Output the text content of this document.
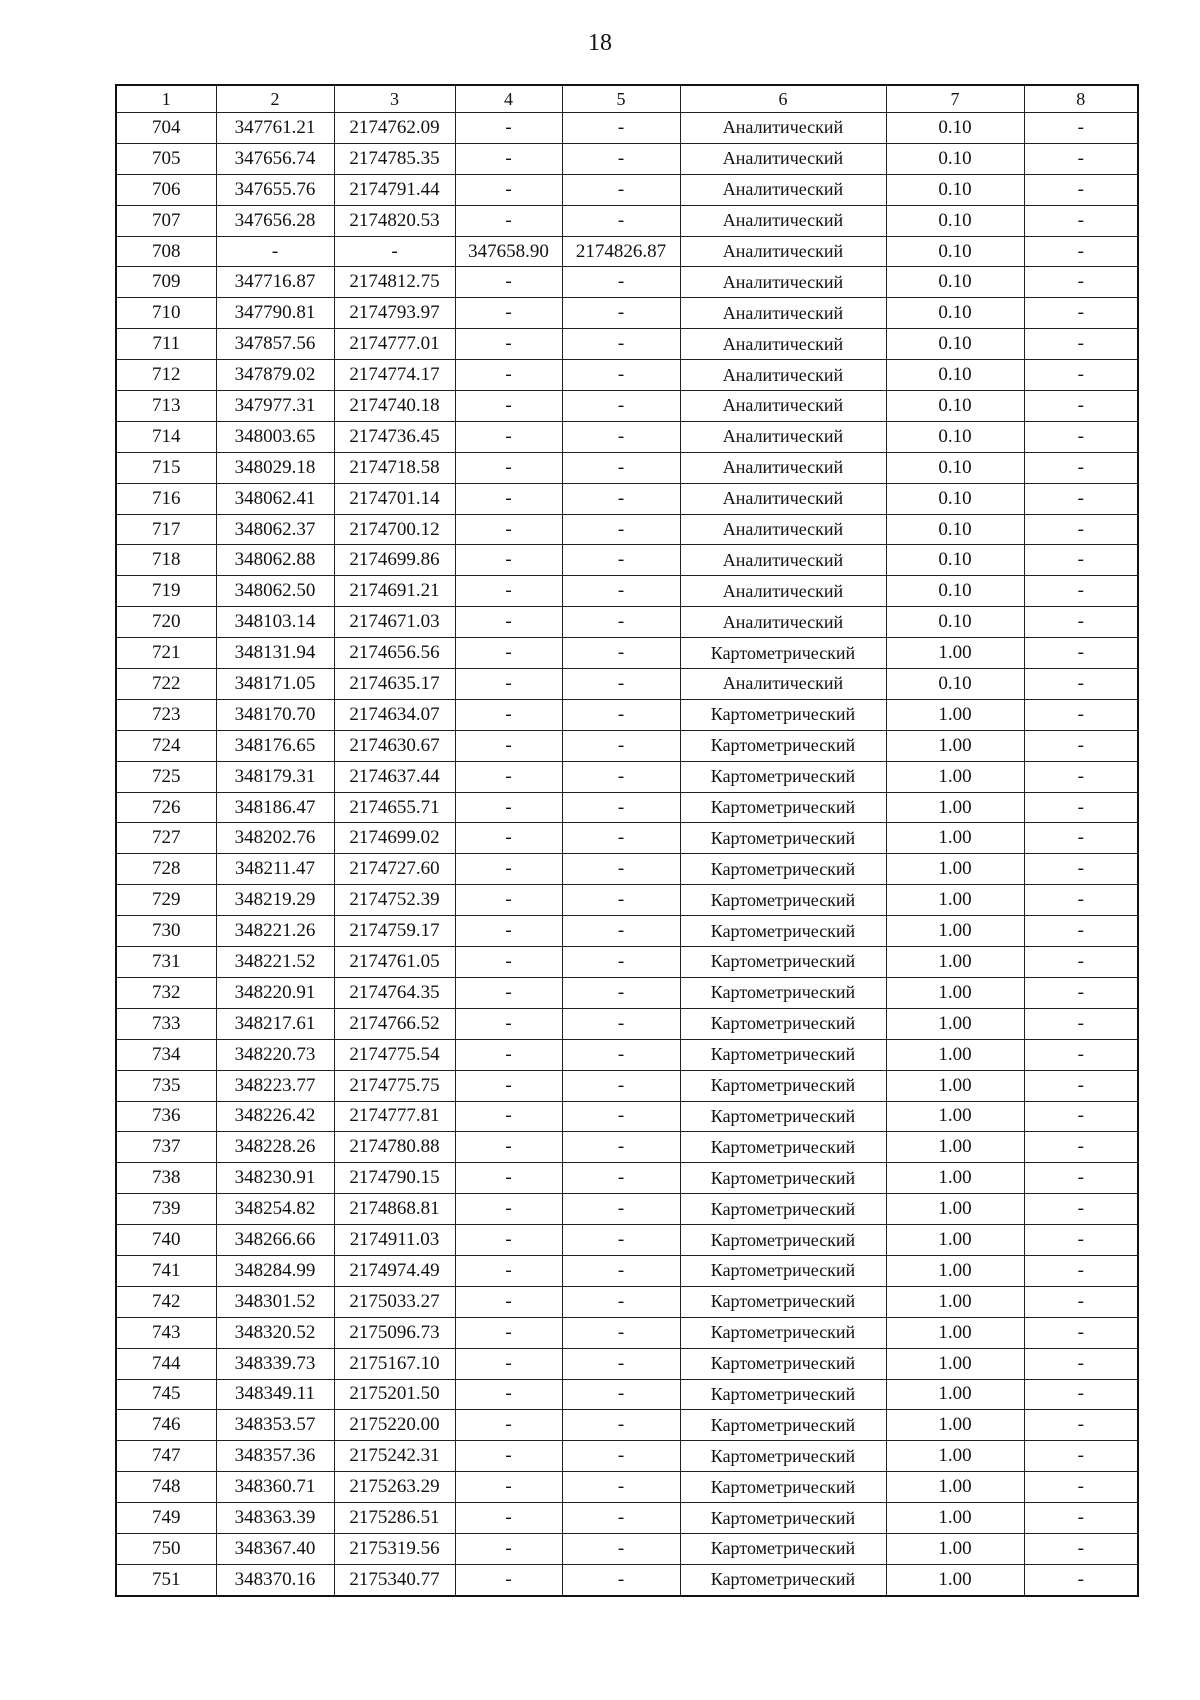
18
1	2	3	4	5	6	7	8
704	347761.21	2174762.09	-	-	Аналитический	0.10	-
705	347656.74	2174785.35	-	-	Аналитический	0.10	-
706	347655.76	2174791.44	-	-	Аналитический	0.10	-
707	347656.28	2174820.53	-	-	Аналитический	0.10	-
708	-	-	347658.90	2174826.87	Аналитический	0.10	-
709	347716.87	2174812.75	-	-	Аналитический	0.10	-
710	347790.81	2174793.97	-	-	Аналитический	0.10	-
711	347857.56	2174777.01	-	-	Аналитический	0.10	-
712	347879.02	2174774.17	-	-	Аналитический	0.10	-
713	347977.31	2174740.18	-	-	Аналитический	0.10	-
714	348003.65	2174736.45	-	-	Аналитический	0.10	-
715	348029.18	2174718.58	-	-	Аналитический	0.10	-
716	348062.41	2174701.14	-	-	Аналитический	0.10	-
717	348062.37	2174700.12	-	-	Аналитический	0.10	-
718	348062.88	2174699.86	-	-	Аналитический	0.10	-
719	348062.50	2174691.21	-	-	Аналитический	0.10	-
720	348103.14	2174671.03	-	-	Аналитический	0.10	-
721	348131.94	2174656.56	-	-	Картометрический	1.00	-
722	348171.05	2174635.17	-	-	Аналитический	0.10	-
723	348170.70	2174634.07	-	-	Картометрический	1.00	-
724	348176.65	2174630.67	-	-	Картометрический	1.00	-
725	348179.31	2174637.44	-	-	Картометрический	1.00	-
726	348186.47	2174655.71	-	-	Картометрический	1.00	-
727	348202.76	2174699.02	-	-	Картометрический	1.00	-
728	348211.47	2174727.60	-	-	Картометрический	1.00	-
729	348219.29	2174752.39	-	-	Картометрический	1.00	-
730	348221.26	2174759.17	-	-	Картометрический	1.00	-
731	348221.52	2174761.05	-	-	Картометрический	1.00	-
732	348220.91	2174764.35	-	-	Картометрический	1.00	-
733	348217.61	2174766.52	-	-	Картометрический	1.00	-
734	348220.73	2174775.54	-	-	Картометрический	1.00	-
735	348223.77	2174775.75	-	-	Картометрический	1.00	-
736	348226.42	2174777.81	-	-	Картометрический	1.00	-
737	348228.26	2174780.88	-	-	Картометрический	1.00	-
738	348230.91	2174790.15	-	-	Картометрический	1.00	-
739	348254.82	2174868.81	-	-	Картометрический	1.00	-
740	348266.66	2174911.03	-	-	Картометрический	1.00	-
741	348284.99	2174974.49	-	-	Картометрический	1.00	-
742	348301.52	2175033.27	-	-	Картометрический	1.00	-
743	348320.52	2175096.73	-	-	Картометрический	1.00	-
744	348339.73	2175167.10	-	-	Картометрический	1.00	-
745	348349.11	2175201.50	-	-	Картометрический	1.00	-
746	348353.57	2175220.00	-	-	Картометрический	1.00	-
747	348357.36	2175242.31	-	-	Картометрический	1.00	-
748	348360.71	2175263.29	-	-	Картометрический	1.00	-
749	348363.39	2175286.51	-	-	Картометрический	1.00	-
750	348367.40	2175319.56	-	-	Картометрический	1.00	-
751	348370.16	2175340.77	-	-	Картометрический	1.00	-
